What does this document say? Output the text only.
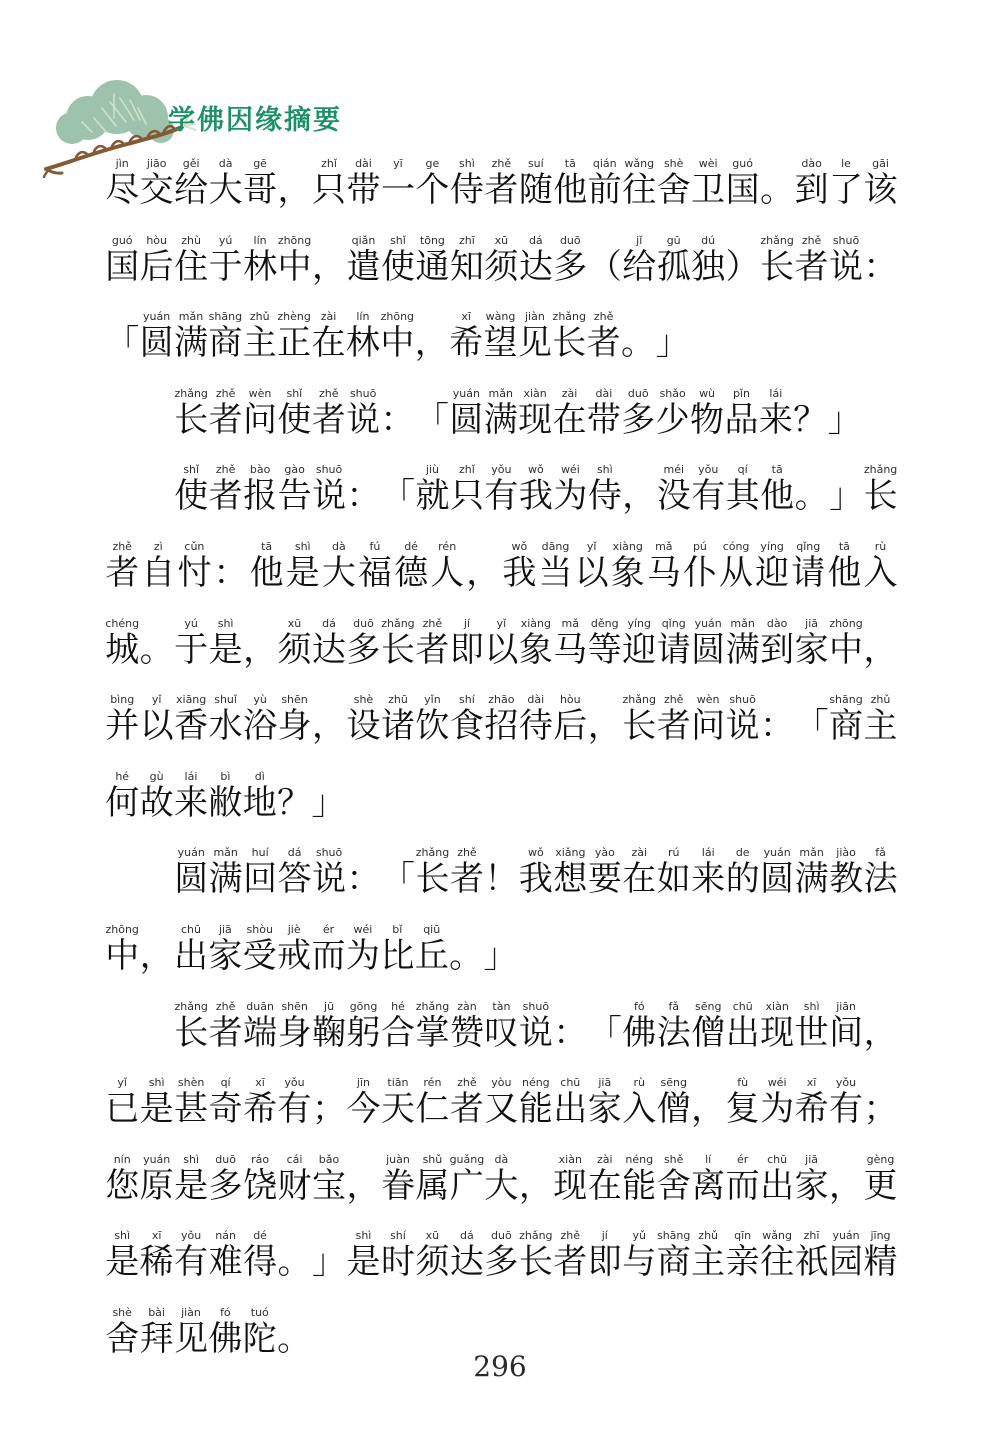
学佛因缘摘要
jìn
尽
jiāo
交
gěi
给
dà
大
gē
哥 ，
zhǐ
只
dài
带
yī
一
ge
个
shì
侍
zhě
者
suí
随
tā
他
qián
前
wǎng
往
shè
舍
wèi
卫
guó
国 。
dào
到
le
了
gāi
该
guó
国
hòu
后
zhù
住
yú
于
lín
林
zhōng
中 ，
qiǎn
遣
shǐ
使
tōng
通
zhī
知
xū
须
dá
达
duō
多 （
jǐ
给
gū
孤
dú
独 ）
zhǎng
长
zhě
者
shuō
说 ：
「
yuán
圆
mǎn
满
shāng
商
zhǔ
主
zhèng
正
zài
在
lín
林
zhōng
中 ，
xī
希
wàng
望
jiàn
见
zhǎng
长
zhě
者 。 」
zhǎng
长
zhě
者
wèn
问
shǐ
使
zhě
者
shuō
说 ： 「
yuán
圆
mǎn
满
xiàn
现
zài
在
dài
带
duō
多
shǎo
少
wù
物
pǐn
品
lái
来 ？ 」
shǐ
使
zhě
者
bào
报
gào
告
shuō
说 ： 「
jiù
就
zhǐ
只
yǒu
有
wǒ
我
wéi
为
shì
侍 ，
méi
没
yǒu
有
qí
其
tā
他 。 」
zhǎng
长
zhě
者
zì
自
cǔn
忖 ：
tā
他
shì
是
dà
大
fú
福
dé
德
rén
人 ，
wǒ
我
dāng
当
yǐ
以
xiàng
象
mǎ
马
pú
仆
cóng
从
yíng
迎
qǐng
请
tā
他
rù
入
chéng
城 。
yú
于
shì
是 ，
xū
须
dá
达
duō
多
zhǎng
长
zhě
者
jí
即
yǐ
以
xiàng
象
mǎ
马
děng
等
yíng
迎
qǐng
请
yuán
圆
mǎn
满
dào
到
jiā
家
zhōng
中 ，
bìng
并
yǐ
以
xiāng
香
shuǐ
水
yù
浴
shēn
身 ，
shè
设
zhū
诸
yǐn
饮
shí
食
zhāo
招
dài
待
hòu
后 ，
zhǎng
长
zhě
者
wèn
问
shuō
说 ： 「
shāng
商
zhǔ
主
hé
何
gù
故
lái
来
bì
敝
dì
地 ？ 」
yuán
圆
mǎn
满
huí
回
dá
答
shuō
说 ： 「
zhǎng
长
zhě
者 ！
wǒ
我
xiǎng
想
yào
要
zài
在
rú
如
lái
来
de
的
yuán
圆
mǎn
满
jiào
教
fǎ
法
zhōng
中 ，
chū
出
jiā
家
shòu
受
jiè
戒
ér
而
wéi
为
bǐ
比
qiū
丘 。 」
zhǎng
长
zhě
者
duān
端
shēn
身
jū
鞠
gōng
躬
hé
合
zhǎng
掌
zàn
赞
tàn
叹
shuō
说 ： 「
fó
佛
fǎ
法
sēng
僧
chū
出
xiàn
现
shì
世
jiān
间 ，
yǐ
已
shì
是
shèn
甚
qí
奇
xī
希
yǒu
有 ；
jīn
今
tiān
天
rén
仁
zhě
者
yòu
又
néng
能
chū
出
jiā
家
rù
入
sēng
僧 ，
fù
复
wéi
为
xī
希
yǒu
有 ；
nín
您
yuán
原
shì
是
duō
多
ráo
饶
cái
财
bǎo
宝 ，
juàn
眷
shǔ
属
guǎng
广
dà
大 ，
xiàn
现
zài
在
néng
能
shě
舍
lí
离
ér
而
chū
出
jiā
家 ，
gèng
更
shì
是
xī
稀
yǒu
有
nán
难
dé
得 。 」
shì
是
shí
时
xū
须
dá
达
duō
多
zhǎng
长
zhě
者
jí
即
yǔ
与
shāng
商
zhǔ
主
qīn
亲
wǎng
往
zhī
祇
yuán
园
jīng
精
shè
舍
bài
拜
jiàn
见
fó
佛
tuó
陀 。
296
